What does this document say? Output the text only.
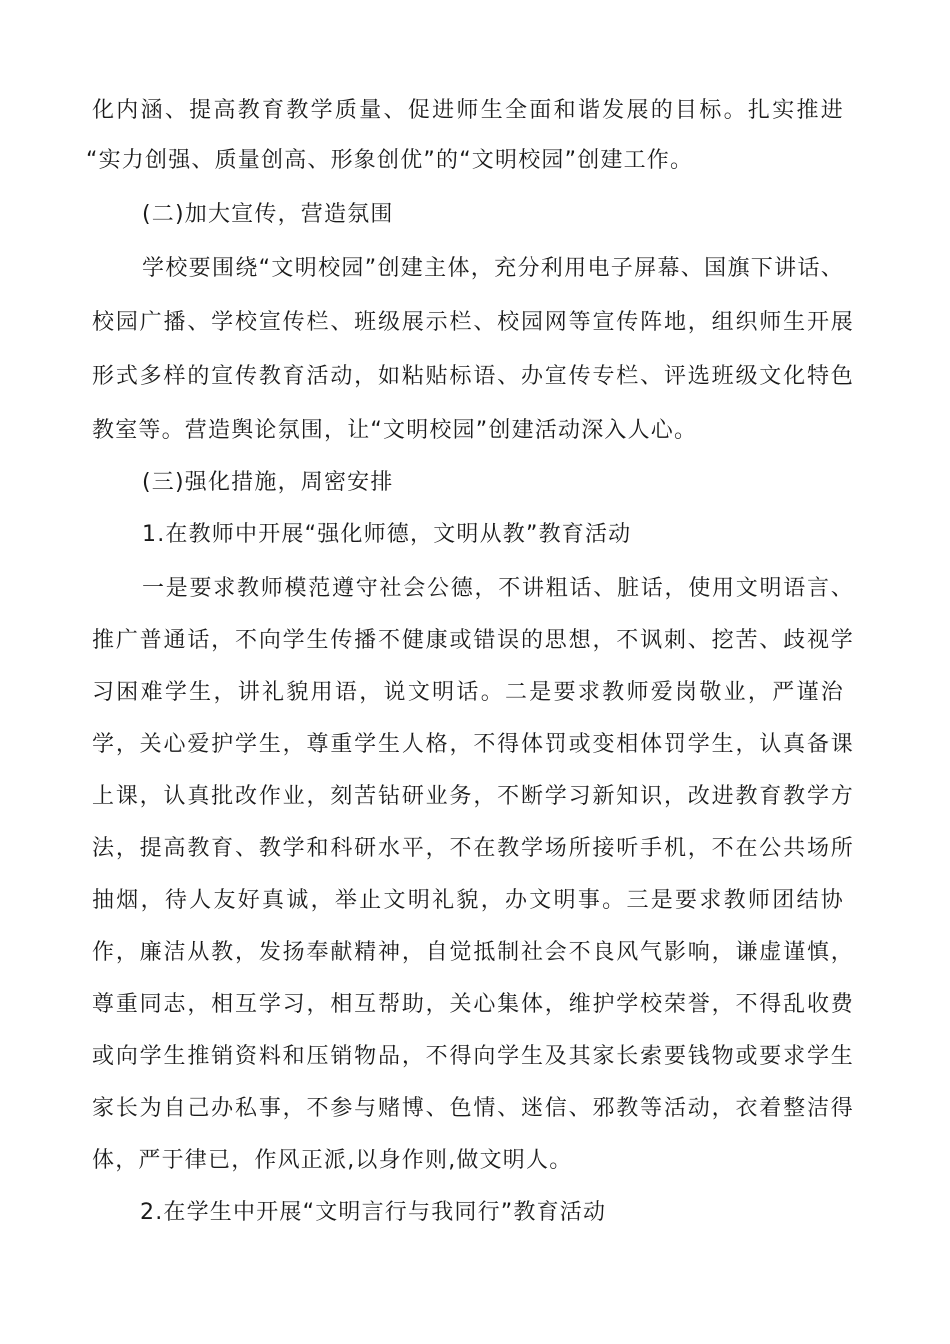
化内涵、提高教育教学质量、促进师生全面和谐发展的目标。扎实推进
“实力创强、质量创高、形象创优”的“文明校园”创建工作。
(二)加大宣传，营造氛围
学校要围绕“文明校园”创建主体，充分利用电子屏幕、国旗下讲话、
校园广播、学校宣传栏、班级展示栏、校园网等宣传阵地，组织师生开展
形式多样的宣传教育活动，如粘贴标语、办宣传专栏、评选班级文化特色
教室等。营造舆论氛围，让“文明校园”创建活动深入人心。
(三)强化措施，周密安排
1.在教师中开展“强化师德，文明从教”教育活动
一是要求教师模范遵守社会公德，不讲粗话、脏话，使用文明语言、
推广普通话，不向学生传播不健康或错误的思想，不讽刺、挖苦、歧视学
习困难学生，讲礼貌用语，说文明话。二是要求教师爱岗敬业，严谨治
学，关心爱护学生，尊重学生人格，不得体罚或变相体罚学生，认真备课
上课，认真批改作业，刻苦钻研业务，不断学习新知识，改进教育教学方
法，提高教育、教学和科研水平，不在教学场所接听手机，不在公共场所
抽烟，待人友好真诚，举止文明礼貌，办文明事。三是要求教师团结协
作，廉洁从教，发扬奉献精神，自觉抵制社会不良风气影响，谦虚谨慎，
尊重同志，相互学习，相互帮助，关心集体，维护学校荣誉，不得乱收费
或向学生推销资料和压销物品，不得向学生及其家长索要钱物或要求学生
家长为自己办私事，不参与赌博、色情、迷信、邪教等活动，衣着整洁得
体，严于律已，作风正派,以身作则,做文明人。
2.在学生中开展“文明言行与我同行”教育活动
